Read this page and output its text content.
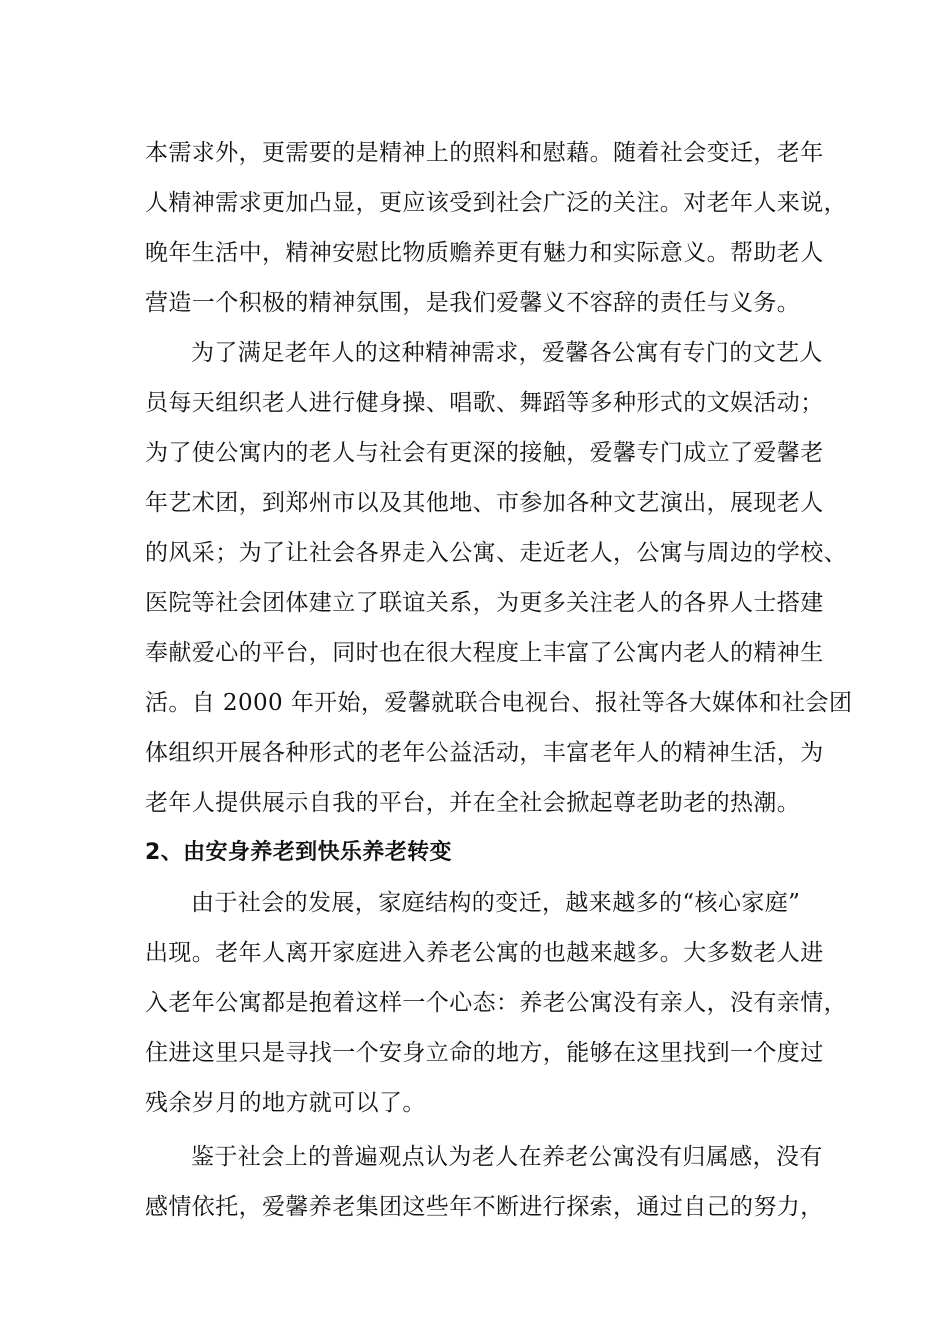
本需求外，更需要的是精神上的照料和慰藉。随着社会变迁，老年
人精神需求更加凸显，更应该受到社会广泛的关注。对老年人来说，
晚年生活中，精神安慰比物质赡养更有魅力和实际意义。帮助老人
营造一个积极的精神氛围，是我们爱馨义不容辞的责任与义务。
为了满足老年人的这种精神需求，爱馨各公寓有专门的文艺人
员每天组织老人进行健身操、唱歌、舞蹈等多种形式的文娱活动；
为了使公寓内的老人与社会有更深的接触，爱馨专门成立了爱馨老
年艺术团，到郑州市以及其他地、市参加各种文艺演出，展现老人
的风采；为了让社会各界走入公寓、走近老人，公寓与周边的学校、
医院等社会团体建立了联谊关系，为更多关注老人的各界人士搭建
奉献爱心的平台，同时也在很大程度上丰富了公寓内老人的精神生
活。自 2000 年开始，爱馨就联合电视台、报社等各大媒体和社会团
体组织开展各种形式的老年公益活动，丰富老年人的精神生活，为
老年人提供展示自我的平台，并在全社会掀起尊老助老的热潮。
2、由安身养老到快乐养老转变
由于社会的发展，家庭结构的变迁，越来越多的“核心家庭”
出现。老年人离开家庭进入养老公寓的也越来越多。大多数老人进
入老年公寓都是抱着这样一个心态：养老公寓没有亲人，没有亲情，
住进这里只是寻找一个安身立命的地方，能够在这里找到一个度过
残余岁月的地方就可以了。
鉴于社会上的普遍观点认为老人在养老公寓没有归属感，没有
感情依托，爱馨养老集团这些年不断进行探索，通过自己的努力，
